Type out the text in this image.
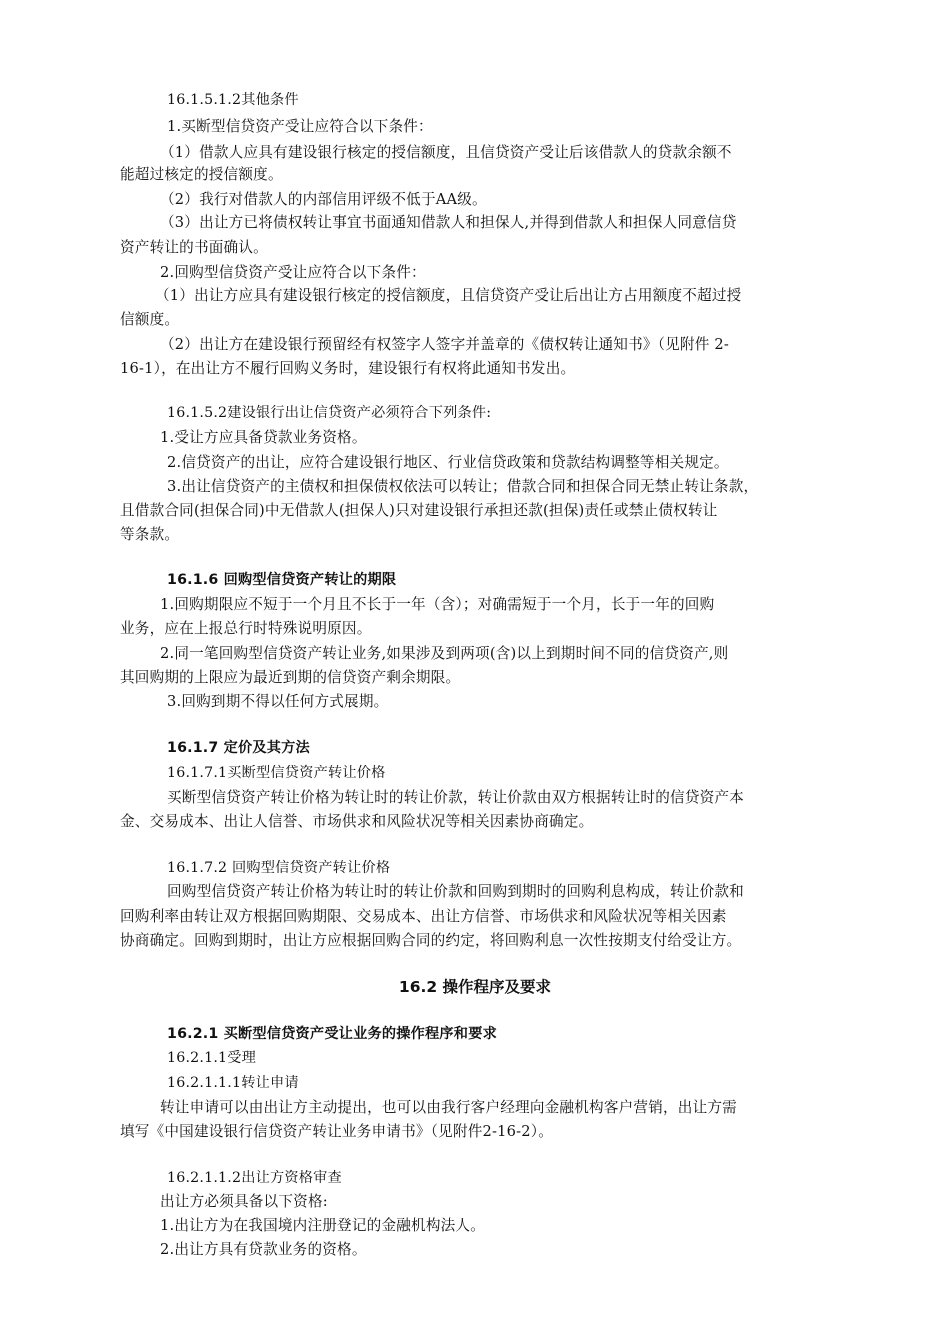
16.1.5.1.2其他条件
1.买断型信贷资产受让应符合以下条件：
（1）借款人应具有建设银行核定的授信额度，且信贷资产受让后该借款人的贷款余额不
能超过核定的授信额度。
（2）我行对借款人的内部信用评级不低于AA级。
（3）出让方已将债权转让事宜书面通知借款人和担保人,并得到借款人和担保人同意信贷
资产转让的书面确认。
2.回购型信贷资产受让应符合以下条件：
（1）出让方应具有建设银行核定的授信额度，且信贷资产受让后出让方占用额度不超过授
信额度。
（2）出让方在建设银行预留经有权签字人签字并盖章的《债权转让通知书》（见附件 2-
16-1），在出让方不履行回购义务时，建设银行有权将此通知书发出。
16.1.5.2建设银行出让信贷资产必须符合下列条件:
1.受让方应具备贷款业务资格。
2.信贷资产的出让，应符合建设银行地区、行业信贷政策和贷款结构调整等相关规定。
3.出让信贷资产的主债权和担保债权依法可以转让；借款合同和担保合同无禁止转让条款，
且借款合同(担保合同)中无借款人(担保人)只对建设银行承担还款(担保)责任或禁止债权转让
等条款。
16.1.6 回购型信贷资产转让的期限
1.回购期限应不短于一个月且不长于一年（含）；对确需短于一个月，长于一年的回购
业务，应在上报总行时特殊说明原因。
2.同一笔回购型信贷资产转让业务,如果涉及到两项(含)以上到期时间不同的信贷资产,则
其回购期的上限应为最近到期的信贷资产剩余期限。
3.回购到期不得以任何方式展期。
16.1.7 定价及其方法
16.1.7.1买断型信贷资产转让价格
买断型信贷资产转让价格为转让时的转让价款，转让价款由双方根据转让时的信贷资产本
金、交易成本、出让人信誉、市场供求和风险状况等相关因素协商确定。
16.1.7.2 回购型信贷资产转让价格
回购型信贷资产转让价格为转让时的转让价款和回购到期时的回购利息构成，转让价款和
回购利率由转让双方根据回购期限、交易成本、出让方信誉、市场供求和风险状况等相关因素
协商确定。回购到期时，出让方应根据回购合同的约定，将回购利息一次性按期支付给受让方。
16.2 操作程序及要求
16.2.1 买断型信贷资产受让业务的操作程序和要求
16.2.1.1受理
16.2.1.1.1转让申请
转让申请可以由出让方主动提出，也可以由我行客户经理向金融机构客户营销，出让方需
填写《中国建设银行信贷资产转让业务申请书》（见附件2-16-2）。
16.2.1.1.2出让方资格审查
出让方必须具备以下资格:
1.出让方为在我国境内注册登记的金融机构法人。
2.出让方具有贷款业务的资格。
